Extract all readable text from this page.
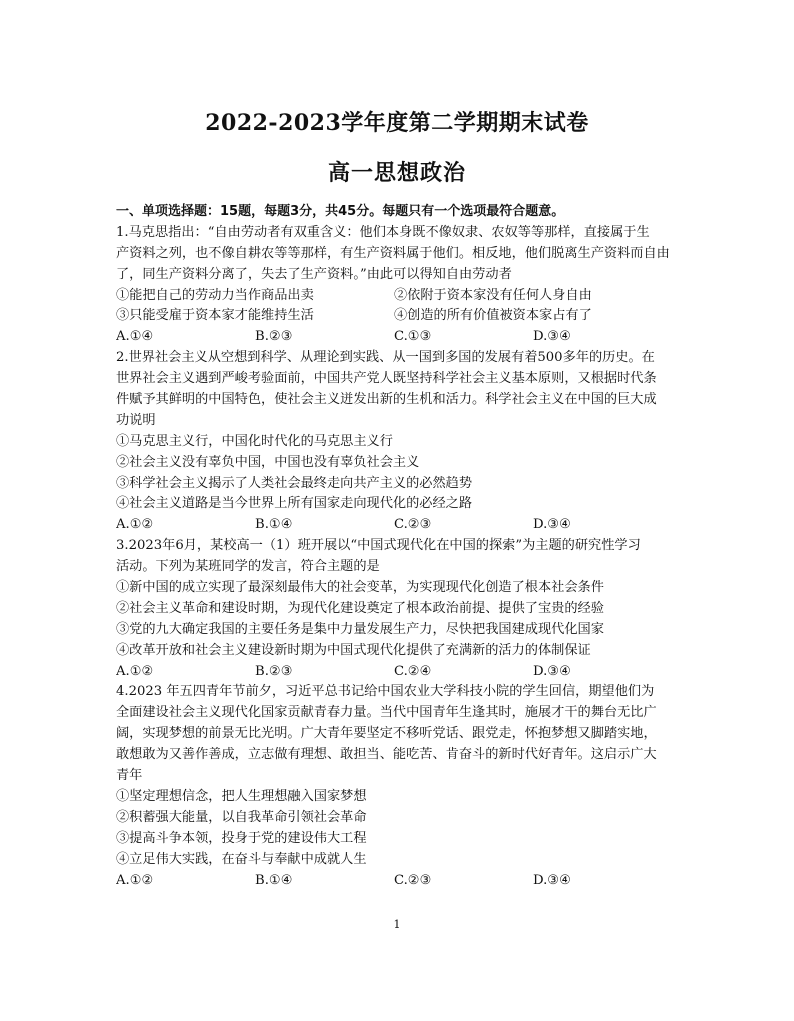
2022-2023学年度第二学期期末试卷
高一思想政治
一、单项选择题：15题，每题3分，共45分。每题只有一个选项最符合题意。
1.马克思指出：“自由劳动者有双重含义：他们本身既不像奴隶、农奴等等那样，直接属于生
产资料之列，也不像自耕农等等那样，有生产资料属于他们。相反地，他们脱离生产资料而自由
了，同生产资料分离了，失去了生产资料。”由此可以得知自由劳动者
①能把自己的劳动力当作商品出卖	②依附于资本家没有任何人身自由
③只能受雇于资本家才能维持生活	④创造的所有价值被资本家占有了
A.①④	B.②③	C.①③	D.③④
2.世界社会主义从空想到科学、从理论到实践、从一国到多国的发展有着500多年的历史。在
世界社会主义遇到严峻考验面前，中国共产党人既坚持科学社会主义基本原则，又根据时代条
件赋予其鲜明的中国特色，使社会主义迸发出新的生机和活力。科学社会主义在中国的巨大成
功说明
①马克思主义行，中国化时代化的马克思主义行
②社会主义没有辜负中国，中国也没有辜负社会主义
③科学社会主义揭示了人类社会最终走向共产主义的必然趋势
④社会主义道路是当今世界上所有国家走向现代化的必经之路
A.①②	B.①④	C.②③	D.③④
3.2023年6月，某校高一（1）班开展以“中国式现代化在中国的探索”为主题的研究性学习
活动。下列为某班同学的发言，符合主题的是
①新中国的成立实现了最深刻最伟大的社会变革，为实现现代化创造了根本社会条件
②社会主义革命和建设时期，为现代化建设奠定了根本政治前提、提供了宝贵的经验
③党的九大确定我国的主要任务是集中力量发展生产力，尽快把我国建成现代化国家
④改革开放和社会主义建设新时期为中国式现代化提供了充满新的活力的体制保证
A.①②	B.②③	C.②④	D.③④
4.2023 年五四青年节前夕，习近平总书记给中国农业大学科技小院的学生回信，期望他们为
全面建设社会主义现代化国家贡献青春力量。当代中国青年生逢其时，施展才干的舞台无比广
阔，实现梦想的前景无比光明。广大青年要坚定不移听党话、跟党走，怀抱梦想又脚踏实地，
敢想敢为又善作善成，立志做有理想、敢担当、能吃苦、肯奋斗的新时代好青年。这启示广大
青年
①坚定理想信念，把人生理想融入国家梦想
②积蓄强大能量，以自我革命引领社会革命
③提高斗争本领，投身于党的建设伟大工程
④立足伟大实践，在奋斗与奉献中成就人生
A.①②	B.①④	C.②③	D.③④
1
